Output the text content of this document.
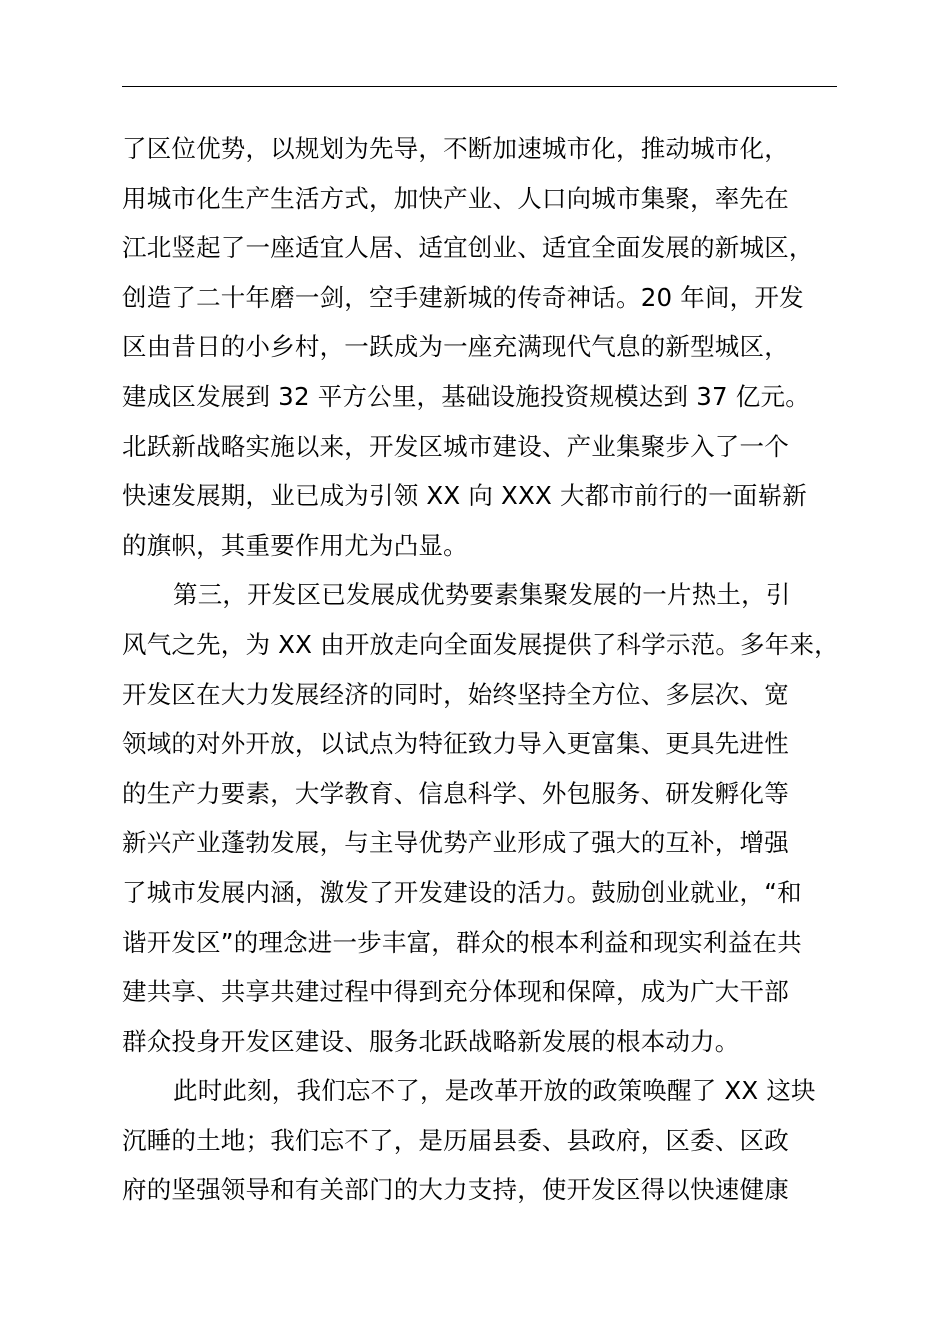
了区位优势，以规划为先导，不断加速城市化，推动城市化，
用城市化生产生活方式，加快产业、人口向城市集聚，率先在
江北竖起了一座适宜人居、适宜创业、适宜全面发展的新城区，
创造了二十年磨一剑，空手建新城的传奇神话。20 年间，开发
区由昔日的小乡村，一跃成为一座充满现代气息的新型城区，
建成区发展到 32 平方公里，基础设施投资规模达到 37 亿元。
北跃新战略实施以来，开发区城市建设、产业集聚步入了一个
快速发展期，业已成为引领 XX 向 XXX 大都市前行的一面崭新
的旗帜，其重要作用尤为凸显。
第三，开发区已发展成优势要素集聚发展的一片热土，引
风气之先，为 XX 由开放走向全面发展提供了科学示范。多年来，
开发区在大力发展经济的同时，始终坚持全方位、多层次、宽
领域的对外开放，以试点为特征致力导入更富集、更具先进性
的生产力要素，大学教育、信息科学、外包服务、研发孵化等
新兴产业蓬勃发展，与主导优势产业形成了强大的互补，增强
了城市发展内涵，激发了开发建设的活力。鼓励创业就业，“和
谐开发区”的理念进一步丰富，群众的根本利益和现实利益在共
建共享、共享共建过程中得到充分体现和保障，成为广大干部
群众投身开发区建设、服务北跃战略新发展的根本动力。
此时此刻，我们忘不了，是改革开放的政策唤醒了 XX 这块
沉睡的土地；我们忘不了，是历届县委、县政府，区委、区政
府的坚强领导和有关部门的大力支持，使开发区得以快速健康
